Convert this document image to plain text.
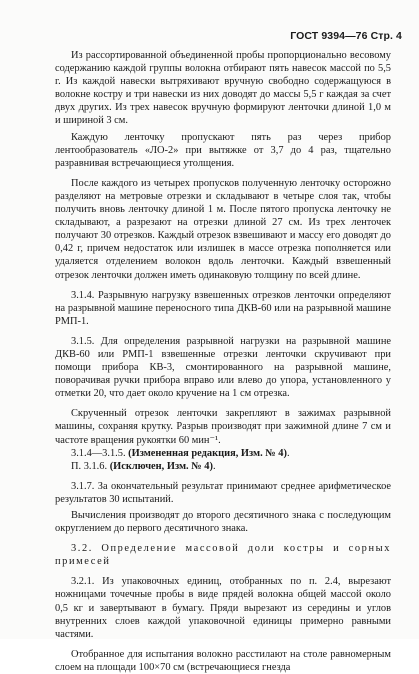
ГОСТ 9394—76 Стр. 4

Из рассортированной объединенной пробы пропорционально весовому содержанию каждой группы волокна отбирают пять навесок массой по 5,5 г. Из каждой навески вытряхивают вручную свободно содержащуюся в волокне костру и три навески из них доводят до массы 5,5 г каждая за счет двух других. Из трех навесок вручную формируют ленточки длиной 1,0 м и шириной 3 см.

Каждую ленточку пропускают пять раз через прибор лентообразователь «ЛО-2» при вытяжке от 3,7 до 4 раз, тщательно разравнивая встречающиеся утолщения.

После каждого из четырех пропусков полученную ленточку осторожно разделяют на метровые отрезки и складывают в четыре слоя так, чтобы получить вновь ленточку длиной 1 м. После пятого пропуска ленточку не складывают, а разрезают на отрезки длиной 27 см. Из трех ленточек получают 30 отрезков. Каждый отрезок взвешивают и массу его доводят до 0,42 г, причем недостаток или излишек в массе отрезка пополняется или удаляется отделением волокон вдоль ленточки. Каждый взвешенный отрезок ленточки должен иметь одинаковую толщину по всей длине.

3.1.4. Разрывную нагрузку взвешенных отрезков ленточки определяют на разрывной машине переносного типа ДКВ-60 или на разрывной машине РМП-1.

3.1.5. Для определения разрывной нагрузки на разрывной машине ДКВ-60 или РМП-1 взвешенные отрезки ленточки скручивают при помощи прибора КВ-3, смонтированного на разрывной машине, поворачивая ручки прибора вправо или влево до упора, установленного у отметки 20, что дает около кручение на 1 см отрезка.

Скрученный отрезок ленточки закрепляют в зажимах разрывной машины, сохраняя крутку. Разрыв производят при зажимной длине 7 см и частоте вращения рукоятки 60 мин⁻¹.

3.1.4—3.1.5. (Измененная редакция, Изм. № 4).

П. 3.1.6. (Исключен, Изм. № 4).

3.1.7. За окончательный результат принимают среднее арифметическое результатов 30 испытаний.

Вычисления производят до второго десятичного знака с последующим округлением до первого десятичного знака.

3.2. Определение массовой доли костры и сорных примесей

3.2.1. Из упаковочных единиц, отобранных по п. 2.4, вырезают ножницами точечные пробы в виде прядей волокна общей массой около 0,5 кг и завертывают в бумагу. Пряди вырезают из середины и углов внутренних слоев каждой упаковочной единицы примерно равными частями.

Отобранное для испытания волокно расстилают на столе равномерным слоем на площади 100×70 см (встречающиеся гнезда
